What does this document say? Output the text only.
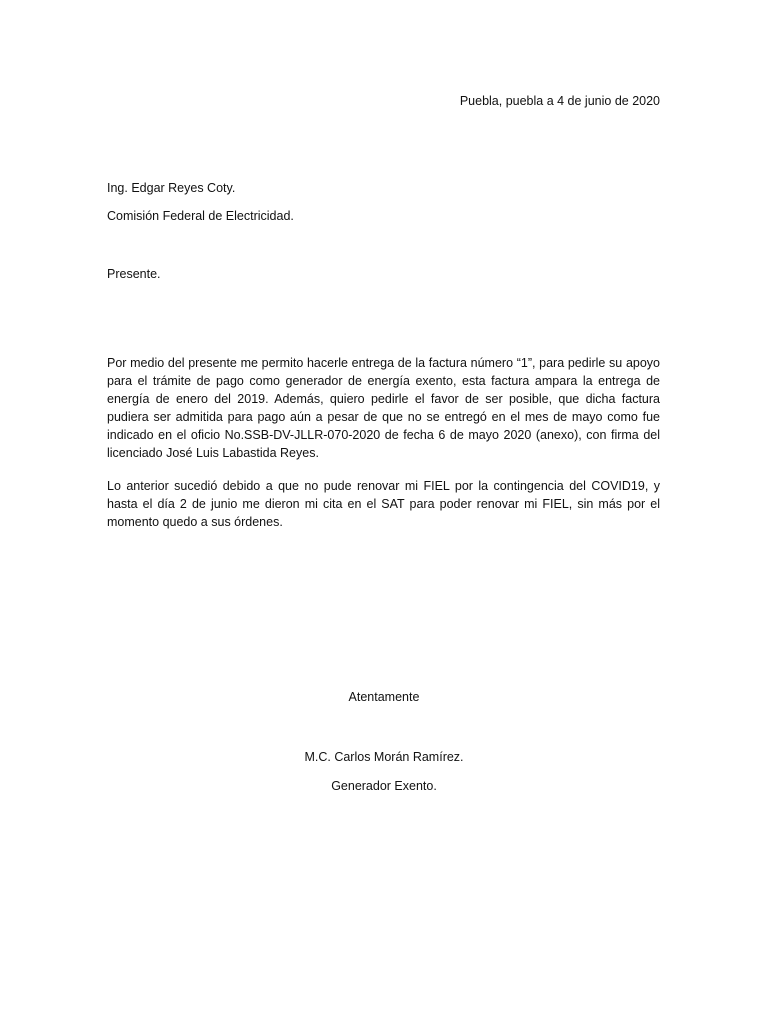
Puebla, puebla a 4 de junio de 2020
Ing. Edgar Reyes Coty.
Comisión Federal de Electricidad.
Presente.
Por medio del presente me permito hacerle entrega de la factura número “1”, para pedirle su apoyo para el trámite de pago como generador de energía exento, esta factura ampara la entrega de energía de enero del 2019. Además, quiero pedirle el favor de ser posible, que dicha factura pudiera ser admitida para pago aún a pesar de que no se entregó en el mes de mayo como fue indicado en el oficio No.SSB-DV-JLLR-070-2020 de fecha 6 de mayo 2020 (anexo), con firma del licenciado José Luis Labastida Reyes.
Lo anterior sucedió debido a que no pude renovar mi FIEL por la contingencia del COVID19, y hasta el día 2 de junio me dieron mi cita en el SAT para poder renovar mi FIEL, sin más por el momento quedo a sus órdenes.
Atentamente
M.C. Carlos Morán Ramírez.
Generador Exento.
